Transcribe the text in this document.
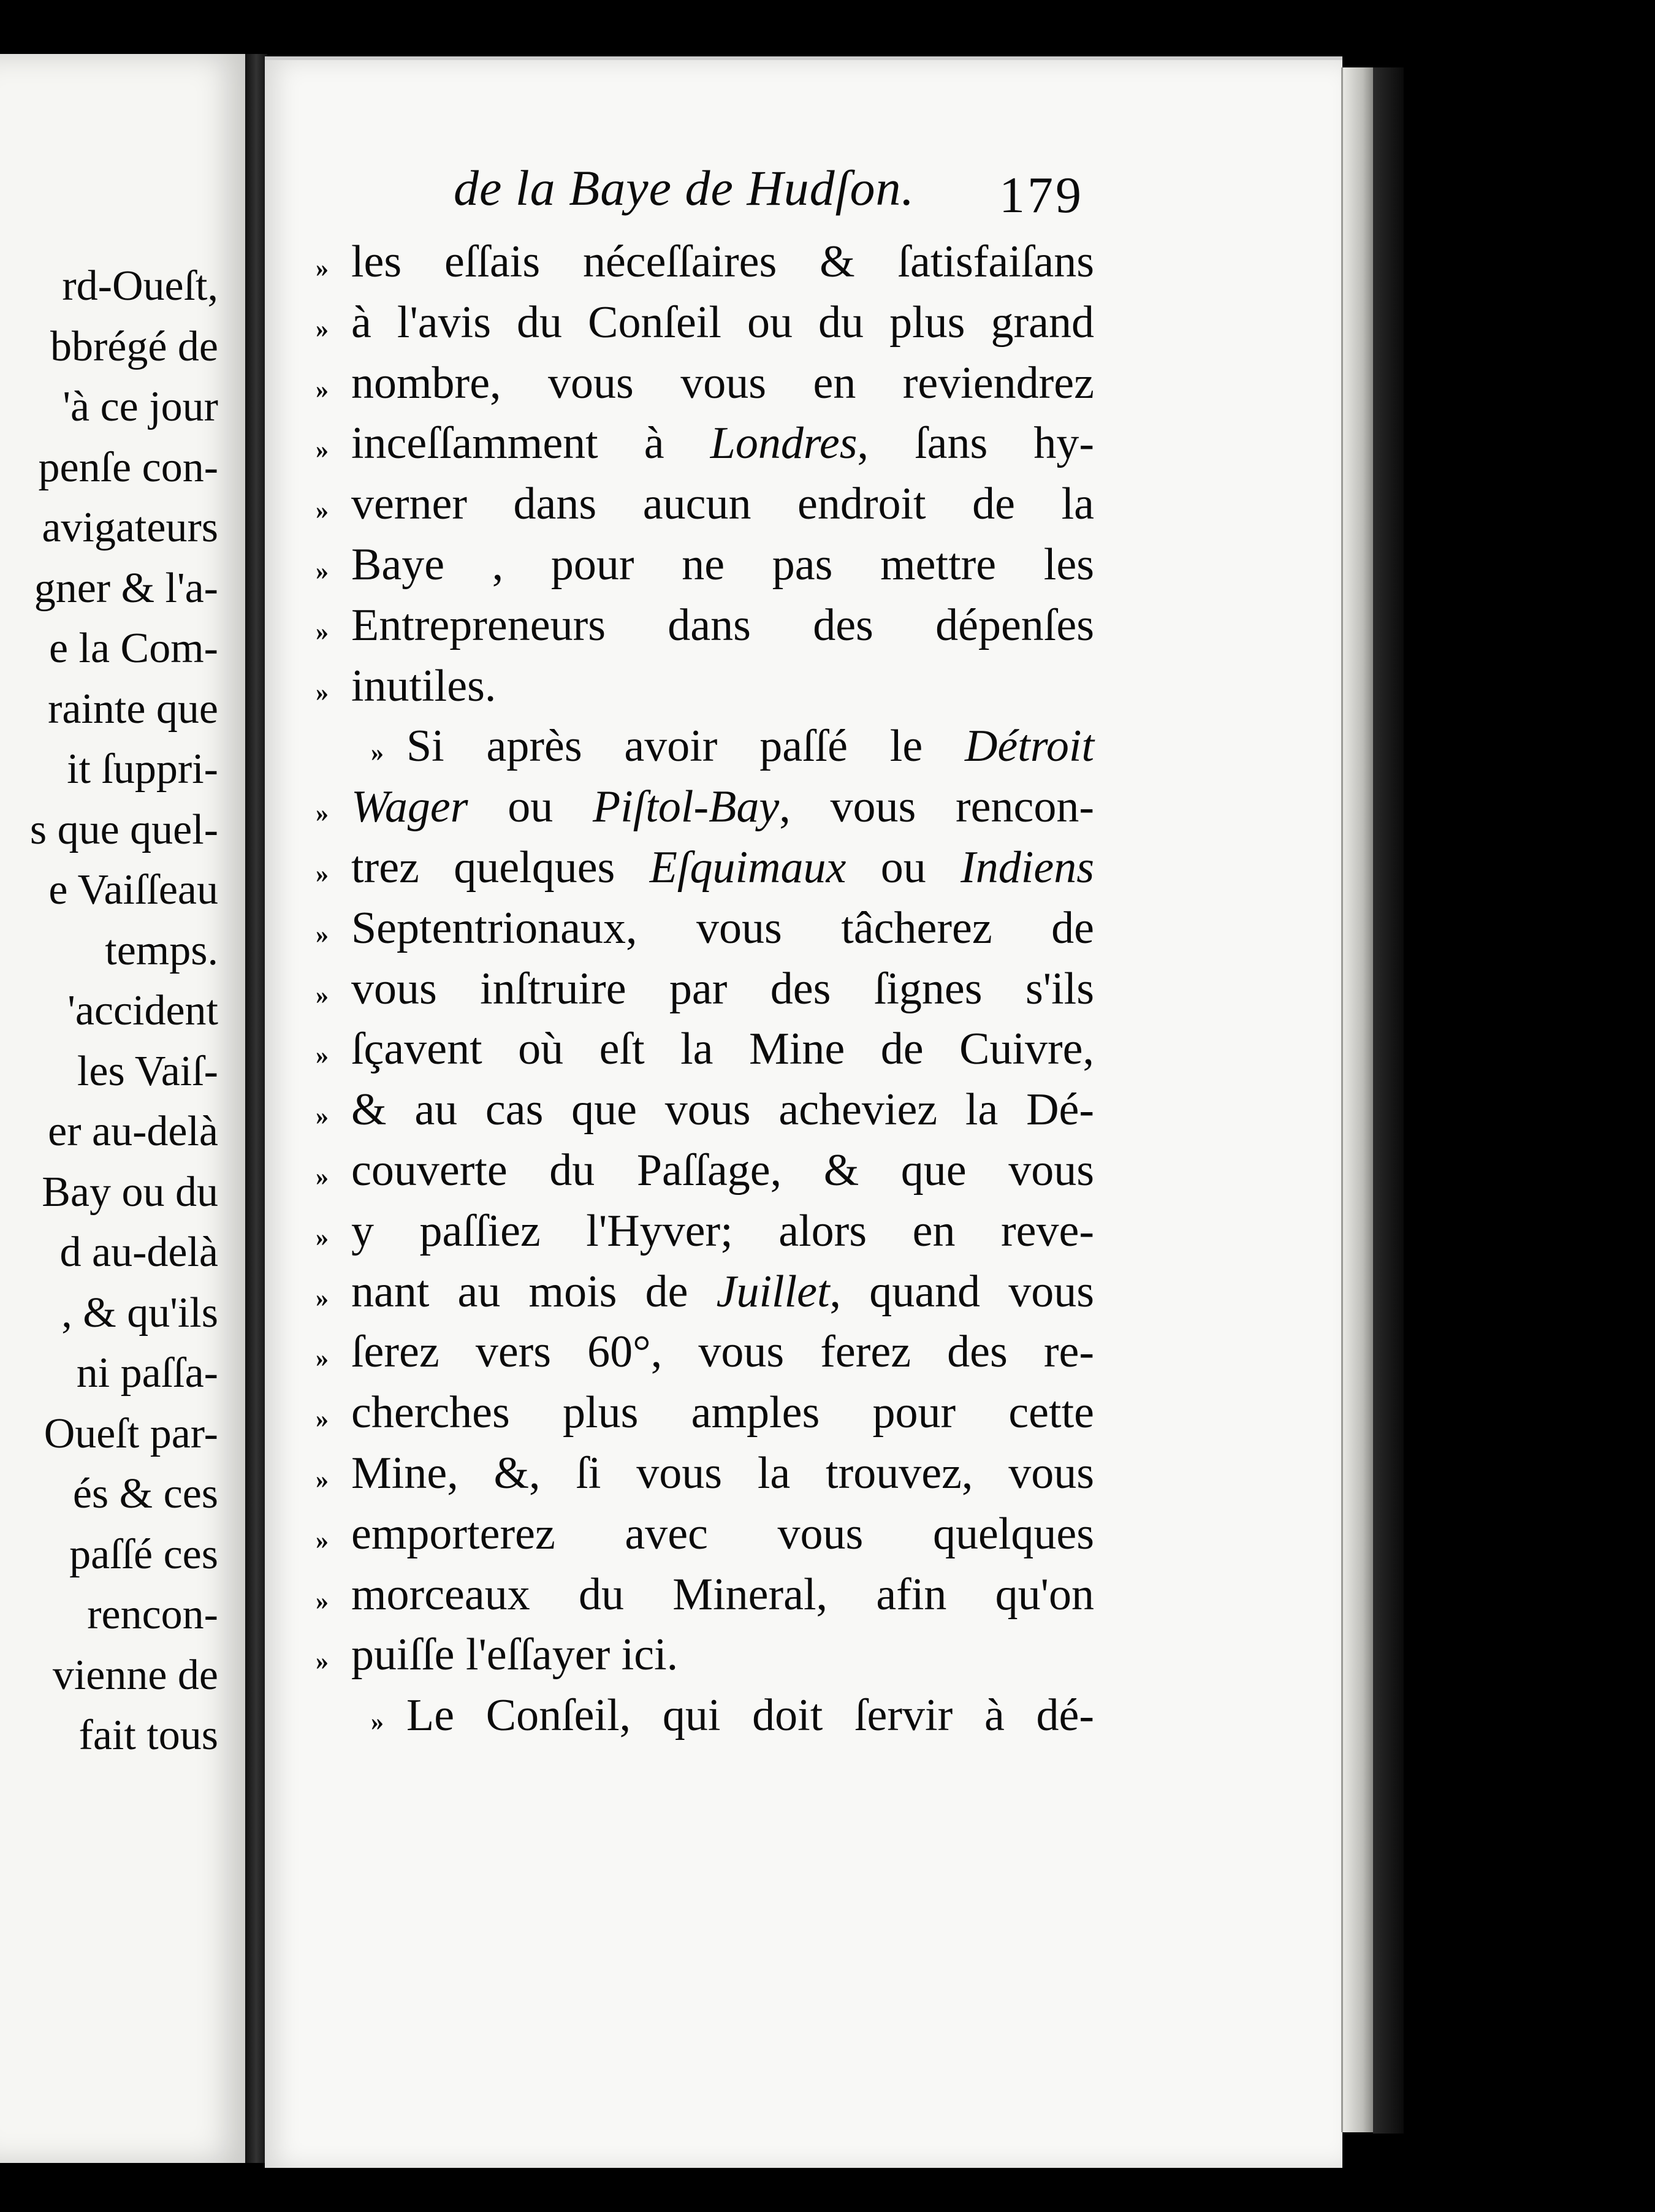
rd-Oueſt,
bbrégé de
'à ce jour
penſe con-
avigateurs
gner & l'a-
e la Com-
rainte que
it ſuppri-
s que quel-
e Vaiſſeau
temps.
'accident
les Vaiſ-
er au-delà
Bay ou du
d au-delà
, & qu'ils
ni paſſa-
Oueſt par-
és & ces
paſſé ces
rencon-
vienne de
fait tous
de la Baye de Hudſon. 179
» les eſſais néceſſaires & ſatisfaiſans
» à l'avis du Conſeil ou du plus grand
» nombre, vous vous en reviendrez
» inceſſamment à Londres, ſans hy-
» verner dans aucun endroit de la
» Baye , pour ne pas mettre les
» Entrepreneurs dans des dépenſes
» inutiles.
» Si après avoir paſſé le Détroit
» Wager ou Piſtol-Bay, vous rencon-
» trez quelques Eſquimaux ou Indiens
» Septentrionaux, vous tâcherez de
» vous inſtruire par des ſignes s'ils
» ſçavent où eſt la Mine de Cuivre,
» & au cas que vous acheviez la Dé-
» couverte du Paſſage, & que vous
» y paſſiez l'Hyver; alors en reve-
» nant au mois de Juillet, quand vous
» ſerez vers 60°, vous ferez des re-
» cherches plus amples pour cette
» Mine, &, ſi vous la trouvez, vous
» emporterez avec vous quelques
» morceaux du Mineral, afin qu'on
» puiſſe l'eſſayer ici.
» Le Conſeil, qui doit ſervir à dé-
